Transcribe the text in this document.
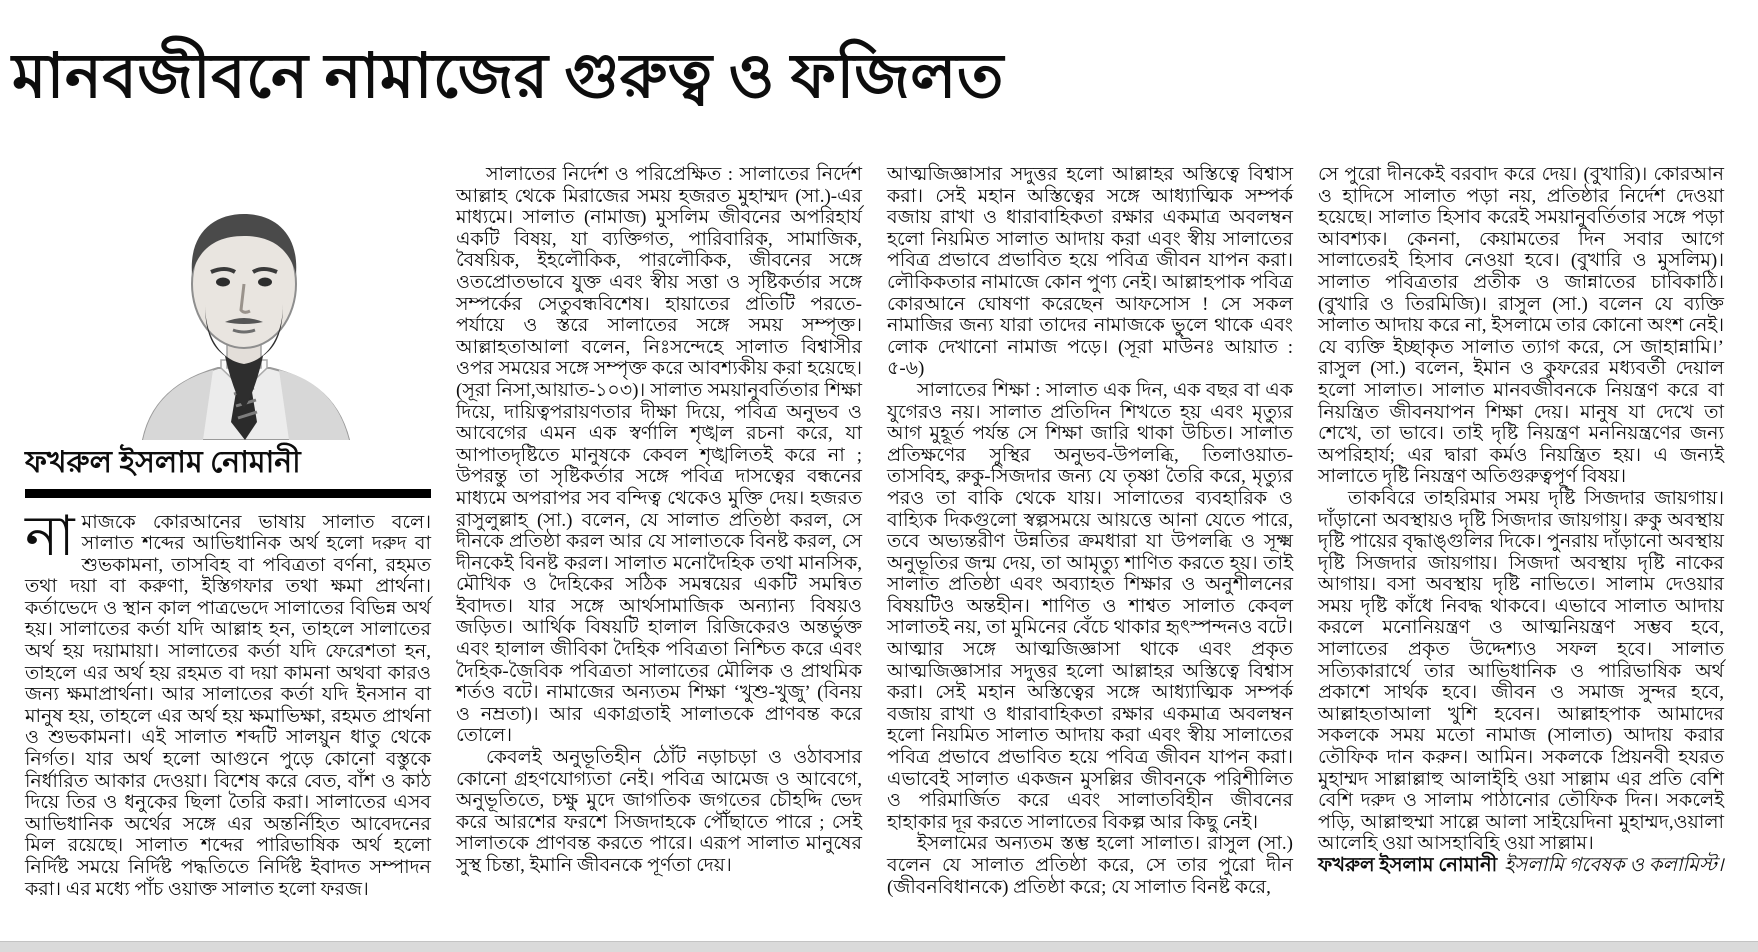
মানবজীবনে নামাজের গুরুত্ব ও ফজিলত
ফখরুল ইসলাম নোমানী

নামাজকে কোরআনের ভাষায় সালাত বলে। সালাত শব্দের আভিধানিক অর্থ হলো দরুদ বা শুভকামনা, তাসবিহ বা পবিত্রতা বর্ণনা, রহমত তথা দয়া বা করুণা, ইস্তিগফার তথা ক্ষমা প্রার্থনা। কর্তাভেদে ও স্থান কাল পাত্রভেদে সালাতের বিভিন্ন অর্থ হয়। সালাতের কর্তা যদি আল্লাহ হন, তাহলে সালাতের অর্থ হয় দয়ামায়া। সালাতের কর্তা যদি ফেরেশতা হন, তাহলে এর অর্থ হয় রহমত বা দয়া কামনা অথবা কারও জন্য ক্ষমাপ্রার্থনা। আর সালাতের কর্তা যদি ইনসান বা মানুষ হয়, তাহলে এর অর্থ হয় ক্ষমাভিক্ষা, রহমত প্রার্থনা ও শুভকামনা। এই সালাত শব্দটি সালয়ুন ধাতু থেকে নির্গত। যার অর্থ হলো আগুনে পুড়ে কোনো বস্তুকে নির্ধারিত আকার দেওয়া। বিশেষ করে বেত, বাঁশ ও কাঠ দিয়ে তির ও ধনুকের ছিলা তৈরি করা। সালাতের এসব আভিধানিক অর্থের সঙ্গে এর অন্তর্নিহিত আবেদনের মিল রয়েছে। সালাত শব্দের পারিভাষিক অর্থ হলো নির্দিষ্ট সময়ে নির্দিষ্ট পদ্ধতিতে নির্দিষ্ট ইবাদত সম্পাদন করা। এর মধ্যে পাঁচ ওয়াক্ত সালাত হলো ফরজ।

সালাতের নির্দেশ ও পরিপ্রেক্ষিত : সালাতের নির্দেশ আল্লাহ থেকে মিরাজের সময় হজরত মুহাম্মদ (সা.)-এর মাধ্যমে। সালাত (নামাজ) মুসলিম জীবনের অপরিহার্য একটি বিষয়, যা ব্যক্তিগত, পারিবারিক, সামাজিক, বৈষয়িক, ইহলৌকিক, পারলৌকিক, জীবনের সঙ্গে ওতপ্রোতভাবে যুক্ত এবং স্বীয় সত্তা ও সৃষ্টিকর্তার সঙ্গে সম্পর্কের সেতুবন্ধবিশেষ। হায়াতের প্রতিটি পরতে-পর্যায়ে ও স্তরে সালাতের সঙ্গে সময় সম্পৃক্ত। আল্লাহতাআলা বলেন, নিঃসন্দেহে সালাত বিশ্বাসীর ওপর সময়ের সঙ্গে সম্পৃক্ত করে আবশ্যকীয় করা হয়েছে। (সূরা নিসা,আয়াত-১০৩)। সালাত সময়ানুবর্তিতার শিক্ষা দিয়ে, দায়িত্বপরায়ণতার দীক্ষা দিয়ে, পবিত্র অনুভব ও আবেগের এমন এক স্বর্ণালি শৃঙ্খল রচনা করে, যা আপাতদৃষ্টিতে মানুষকে কেবল শৃঙ্খলিতই করে না ; উপরন্তু তা সৃষ্টিকর্তার সঙ্গে পবিত্র দাসত্বের বন্ধনের মাধ্যমে অপরাপর সব বন্দিত্ব থেকেও মুক্তি দেয়। হজরত রাসুলুল্লাহ (সা.) বলেন, যে সালাত প্রতিষ্ঠা করল, সে দীনকে প্রতিষ্ঠা করল আর যে সালাতকে বিনষ্ট করল, সে দীনকেই বিনষ্ট করল। সালাত মনোদৈহিক তথা মানসিক, মৌখিক ও দৈহিকের সঠিক সমন্বয়ের একটি সমন্বিত ইবাদত। যার সঙ্গে আর্থসামাজিক অন্যান্য বিষয়ও জড়িত। আর্থিক বিষয়টি হালাল রিজিকেরও অন্তর্ভুক্ত এবং হালাল জীবিকা দৈহিক পবিত্রতা নিশ্চিত করে এবং দৈহিক-জৈবিক পবিত্রতা সালাতের মৌলিক ও প্রাথমিক শর্তও বটে। নামাজের অন্যতম শিক্ষা ‘খুশু-খুজু’ (বিনয় ও নম্রতা)। আর একাগ্রতাই সালাতকে প্রাণবন্ত করে তোলে।

কেবলই অনুভূতিহীন ঠোঁট নড়াচড়া ও ওঠাবসার কোনো গ্রহণযোগ্যতা নেই। পবিত্র আমেজ ও আবেগে, অনুভূতিতে, চক্ষু মুদে জাগতিক জগতের চৌহদ্দি ভেদ করে আরশের ফরশে সিজদাহকে পৌঁছাতে পারে ; সেই সালাতকে প্রাণবন্ত করতে পারে। এরূপ সালাত মানুষের সুস্থ চিন্তা, ইমানি জীবনকে পূর্ণতা দেয়।

আত্মজিজ্ঞাসার সদুত্তর হলো আল্লাহর অস্তিত্বে বিশ্বাস করা। সেই মহান অস্তিত্বের সঙ্গে আধ্যাত্মিক সম্পর্ক বজায় রাখা ও ধারাবাহিকতা রক্ষার একমাত্র অবলম্বন হলো নিয়মিত সালাত আদায় করা এবং স্বীয় সালাতের পবিত্র প্রভাবে প্রভাবিত হয়ে পবিত্র জীবন যাপন করা। লৌকিকতার নামাজে কোন পুণ্য নেই। আল্লাহপাক পবিত্র কোরআনে ঘোষণা করেছেন আফসোস ! সে সকল নামাজির জন্য যারা তাদের নামাজকে ভুলে থাকে এবং লোক দেখানো নামাজ পড়ে। (সূরা মাউনঃ আয়াত : ৫-৬)

সালাতের শিক্ষা : সালাত এক দিন, এক বছর বা এক যুগেরও নয়। সালাত প্রতিদিন শিখতে হয় এবং মৃত্যুর আগ মুহূর্ত পর্যন্ত সে শিক্ষা জারি থাকা উচিত। সালাত প্রতিক্ষণের সুস্থির অনুভব-উপলব্ধি, তিলাওয়াত-তাসবিহ, রুকু-সিজদার জন্য যে তৃষ্ণা তৈরি করে, মৃত্যুর পরও তা বাকি থেকে যায়। সালাতের ব্যবহারিক ও বাহ্যিক দিকগুলো স্বল্পসময়ে আয়ত্তে আনা যেতে পারে, তবে অভ্যন্তরীণ উন্নতির ক্রমধারা যা উপলব্ধি ও সূক্ষ্ম অনুভূতির জন্ম দেয়, তা আমৃত্যু শাণিত করতে হয়। তাই সালাত প্রতিষ্ঠা এবং অব্যাহত শিক্ষার ও অনুশীলনের বিষয়টিও অন্তহীন। শাণিত ও শাশ্বত সালাত কেবল সালাতই নয়, তা মুমিনের বেঁচে থাকার হৃৎস্পন্দনও বটে। আত্মার সঙ্গে আত্মজিজ্ঞাসা থাকে এবং প্রকৃত আত্মজিজ্ঞাসার সদুত্তর হলো আল্লাহর অস্তিত্বে বিশ্বাস করা। সেই মহান অস্তিত্বের সঙ্গে আধ্যাত্মিক সম্পর্ক বজায় রাখা ও ধারাবাহিকতা রক্ষার একমাত্র অবলম্বন হলো নিয়মিত সালাত আদায় করা এবং স্বীয় সালাতের পবিত্র প্রভাবে প্রভাবিত হয়ে পবিত্র জীবন যাপন করা। এভাবেই সালাত একজন মুসল্লির জীবনকে পরিশীলিত ও পরিমার্জিত করে এবং সালাতবিহীন জীবনের হাহাকার দূর করতে সালাতের বিকল্প আর কিছু নেই।

ইসলামের অন্যতম স্তম্ভ হলো সালাত। রাসুল (সা.) বলেন যে সালাত প্রতিষ্ঠা করে, সে তার পুরো দীন (জীবনবিধানকে) প্রতিষ্ঠা করে; যে সালাত বিনষ্ট করে,

সে পুরো দীনকেই বরবাদ করে দেয়। (বুখারি)। কোরআন ও হাদিসে সালাত পড়া নয়, প্রতিষ্ঠার নির্দেশ দেওয়া হয়েছে। সালাত হিসাব করেই সময়ানুবর্তিতার সঙ্গে পড়া আবশ্যক। কেননা, কেয়ামতের দিন সবার আগে সালাতেরই হিসাব নেওয়া হবে। (বুখারি ও মুসলিম)। সালাত পবিত্রতার প্রতীক ও জান্নাতের চাবিকাঠি। (বুখারি ও তিরমিজি)। রাসুল (সা.) বলেন যে ব্যক্তি সালাত আদায় করে না, ইসলামে তার কোনো অংশ নেই। যে ব্যক্তি ইচ্ছাকৃত সালাত ত্যাগ করে, সে জাহান্নামি।’ রাসুল (সা.) বলেন, ইমান ও কুফরের মধ্যবর্তী দেয়াল হলো সালাত। সালাত মানবজীবনকে নিয়ন্ত্রণ করে বা নিয়ন্ত্রিত জীবনযাপন শিক্ষা দেয়। মানুষ যা দেখে তা শেখে, তা ভাবে। তাই দৃষ্টি নিয়ন্ত্রণ মননিয়ন্ত্রণের জন্য অপরিহার্য; এর দ্বারা কর্মও নিয়ন্ত্রিত হয়। এ জন্যই সালাতে দৃষ্টি নিয়ন্ত্রণ অতিগুরুত্বপূর্ণ বিষয়।

তাকবিরে তাহরিমার সময় দৃষ্টি সিজদার জায়গায়। দাঁড়ানো অবস্থায়ও দৃষ্টি সিজদার জায়গায়। রুকু অবস্থায় দৃষ্টি পায়ের বৃদ্ধাঙ্গুলির দিকে। পুনরায় দাঁড়ানো অবস্থায় দৃষ্টি সিজদার জায়গায়। সিজদা অবস্থায় দৃষ্টি নাকের আগায়। বসা অবস্থায় দৃষ্টি নাভিতে। সালাম দেওয়ার সময় দৃষ্টি কাঁধে নিবদ্ধ থাকবে। এভাবে সালাত আদায় করলে মনোনিয়ন্ত্রণ ও আত্মনিয়ন্ত্রণ সম্ভব হবে, সালাতের প্রকৃত উদ্দেশ্যও সফল হবে। সালাত সত্যিকারার্থে তার আভিধানিক ও পারিভাষিক অর্থ প্রকাশে সার্থক হবে। জীবন ও সমাজ সুন্দর হবে, আল্লাহতাআলা খুশি হবেন। আল্লাহপাক আমাদের সকলকে সময় মতো নামাজ (সালাত) আদায় করার তৌফিক দান করুন। আমিন। সকলকে প্রিয়নবী হযরত মুহাম্মদ সাল্লাল্লাহু আলাইহি ওয়া সাল্লাম এর প্রতি বেশি বেশি দরুদ ও সালাম পাঠানোর তৌফিক দিন। সকলেই পড়ি, আল্লাহুম্মা সাল্লে আলা সাইয়েদিনা মুহাম্মদ,ওয়ালা আলেহি ওয়া আসহাবিহি ওয়া সাল্লাম।

ফখরুল ইসলাম নোমানী ইসলামি গবেষক ও কলামিস্ট।
